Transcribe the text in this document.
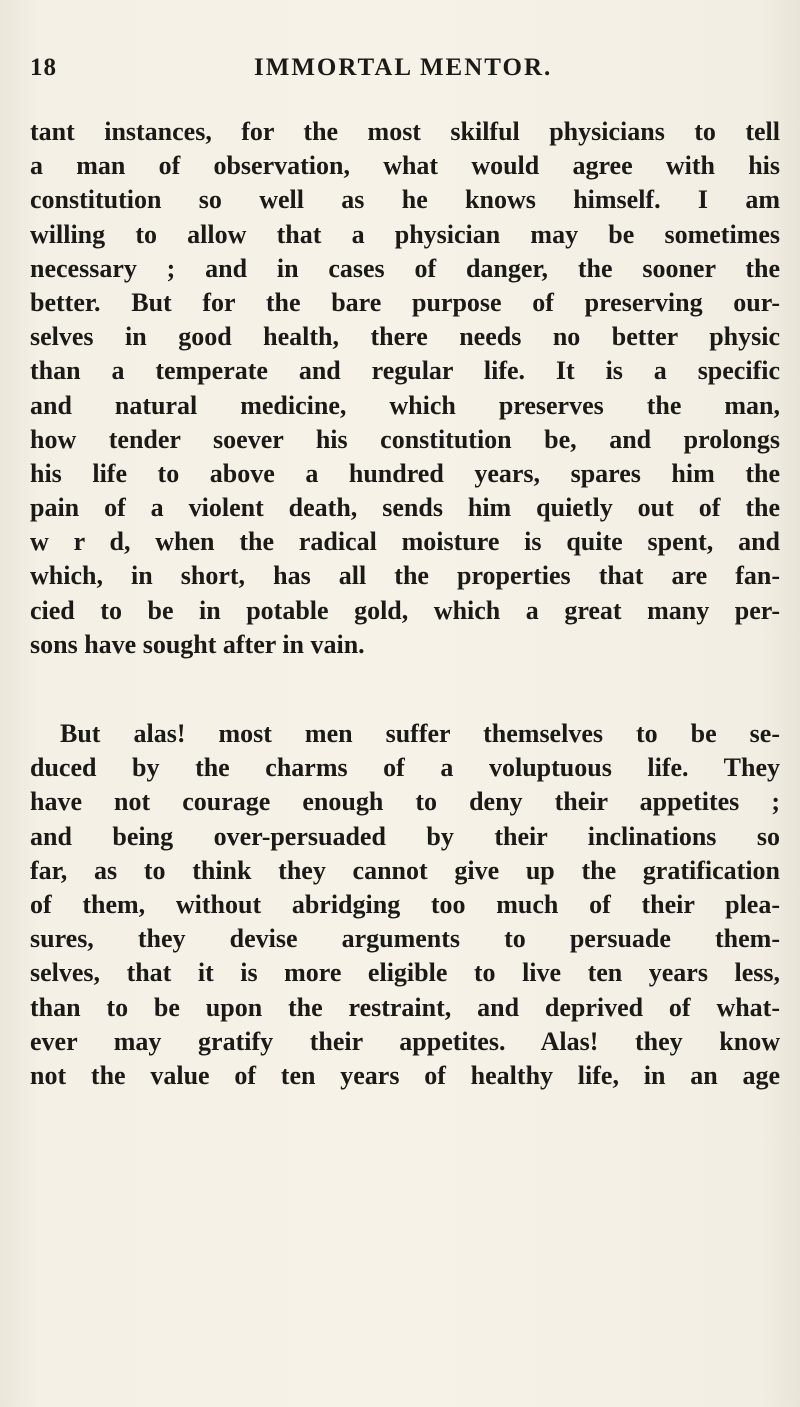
18	IMMORTAL MENTOR.
tant instances, for the most skilful physicians to tell
a man of observation, what would agree with his
constitution so well as he knows himself. I am
willing to allow that a physician may be sometimes
necessary ; and in cases of danger, the sooner the
better. But for the bare purpose of preserving our-
selves in good health, there needs no better physic
than a temperate and regular life. It is a specific
and natural medicine, which preserves the man,
how tender soever his constitution be, and prolongs
his life to above a hundred years, spares him the
pain of a violent death, sends him quietly out of the
w r d, when the radical moisture is quite spent, and
which, in short, has all the properties that are fan-
cied to be in potable gold, which a great many per-
sons have sought after in vain.
But alas! most men suffer themselves to be se-
duced by the charms of a voluptuous life. They
have not courage enough to deny their appetites ;
and being over-persuaded by their inclinations so
far, as to think they cannot give up the gratification
of them, without abridging too much of their plea-
sures, they devise arguments to persuade them-
selves, that it is more eligible to live ten years less,
than to be upon the restraint, and deprived of what-
ever may gratify their appetites. Alas! they know
not the value of ten years of healthy life, in an age
